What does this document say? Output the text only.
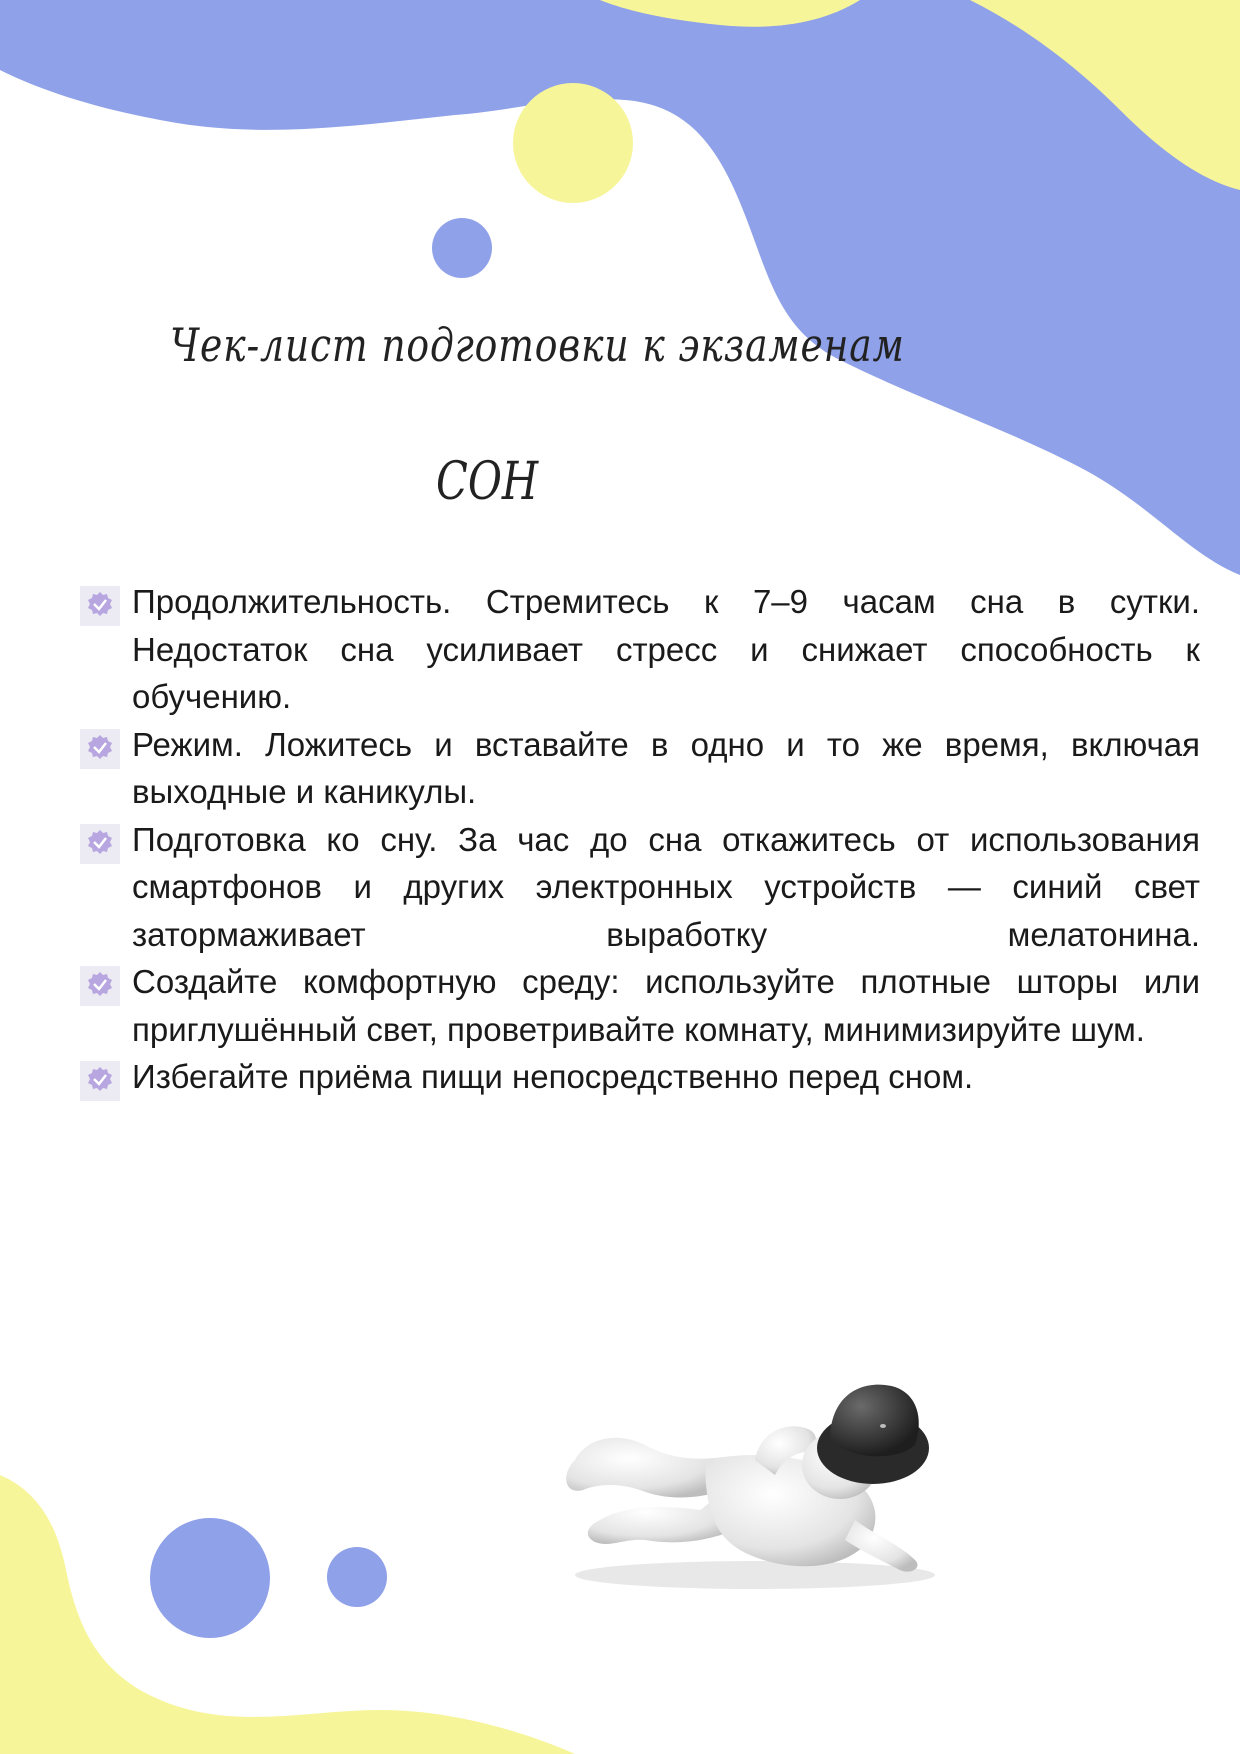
Чек-лист подготовки к экзаменам
СОН
Продолжительность. Стремитесь к 7–9 часам сна в сутки. Недостаток сна усиливает стресс и снижает способность к обучению.
Режим. Ложитесь и вставайте в одно и то же время, включая выходные и каникулы.
Подготовка ко сну. За час до сна откажитесь от использования смартфонов и других электронных устройств — синий свет затормаживает выработку мелатонина.
Создайте комфортную среду: используйте плотные шторы или приглушённый свет, проветривайте комнату, минимизируйте шум.
Избегайте приёма пищи непосредственно перед сном.
